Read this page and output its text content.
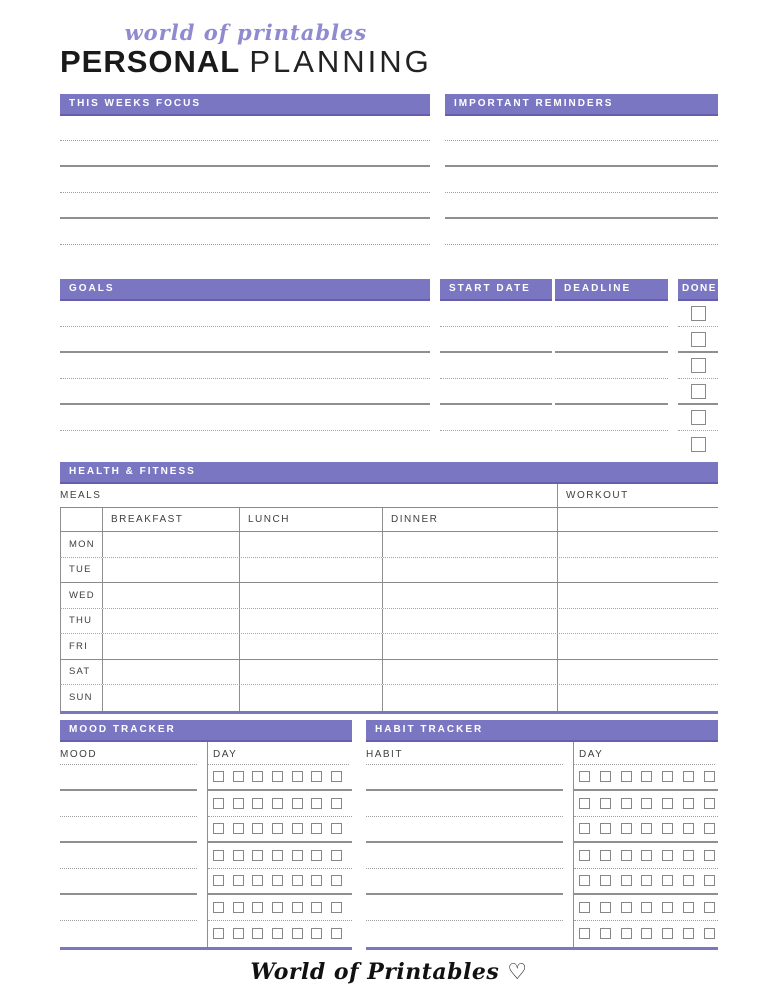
world of printables
PERSONAL PLANNING
THIS WEEKS FOCUS	IMPORTANT REMINDERS
GOALS	START DATE	DEADLINE	DONE
HEALTH & FITNESS
MEALS	WORKOUT
BREAKFAST	LUNCH	DINNER
MON
TUE
WED
THU
FRI
SAT
SUN
MOOD TRACKER
MOOD	DAY
HABIT TRACKER
HABIT	DAY
World of Printables ♡
